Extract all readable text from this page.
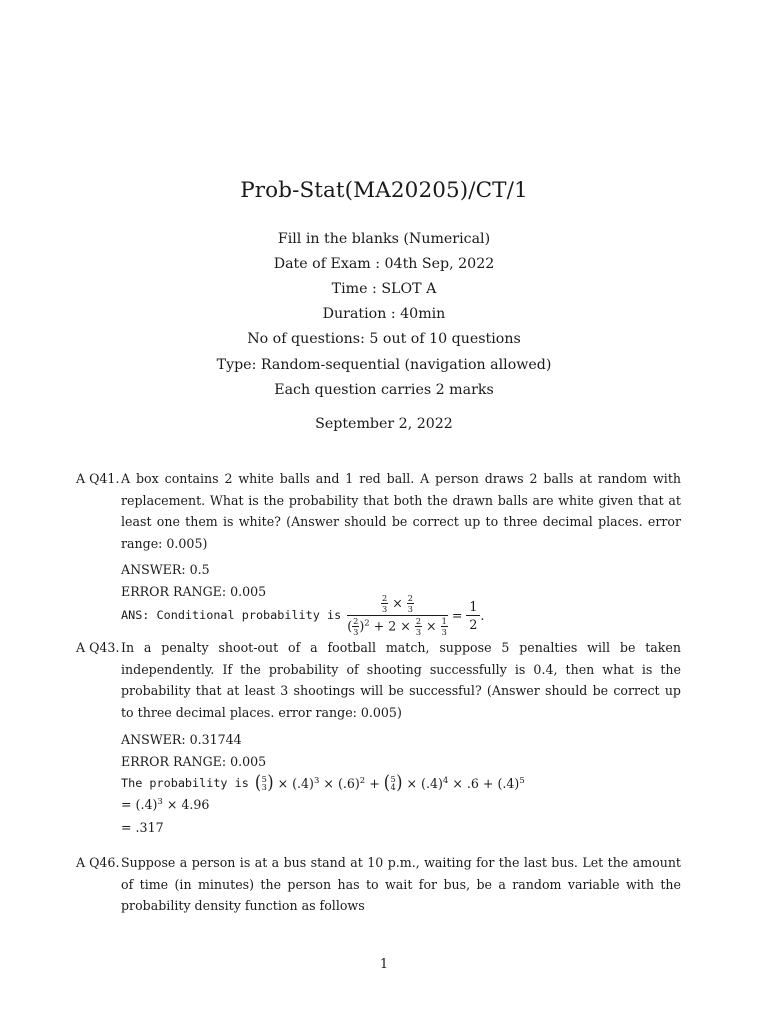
Prob-Stat(MA20205)/CT/1
Fill in the blanks (Numerical)
Date of Exam : 04th Sep, 2022
Time : SLOT A
Duration : 40min
No of questions: 5 out of 10 questions
Type: Random-sequential (navigation allowed)
Each question carries 2 marks
September 2, 2022
A Q41. A box contains 2 white balls and 1 red ball. A person draws 2 balls at random with replacement. What is the probability that both the drawn balls are white given that at least one them is white? (Answer should be correct up to three decimal places. error range: 0.005)
ANSWER: 0.5
ERROR RANGE: 0.005
ANS: Conditional probability is $\frac{\frac{2}{3} \times \frac{2}{3}}{( \frac{2}{3} )^2 + 2 \times \frac{2}{3} \times \frac{1}{3}} = \frac{1}{2}$ .
A Q43. In a penalty shoot-out of a football match, suppose 5 penalties will be taken independently. If the probability of shooting successfully is 0.4, then what is the probability that at least 3 shootings will be successful? (Answer should be correct up to three decimal places. error range: 0.005)
ANSWER: 0.31744
ERROR RANGE: 0.005
The probability is ( 5
3 ) × $(.4)^3 \times (.6)^2$ + ( 5
4 ) × $(.4)^4 \times .6 + (.4)^5$
= $(.4)^3 \times 4.96$
= .317
A Q46. Suppose a person is at a bus stand at 10 p.m., waiting for the last bus. Let the amount of time (in minutes) the person has to wait for bus, be a random variable with the probability density function as follows
1
